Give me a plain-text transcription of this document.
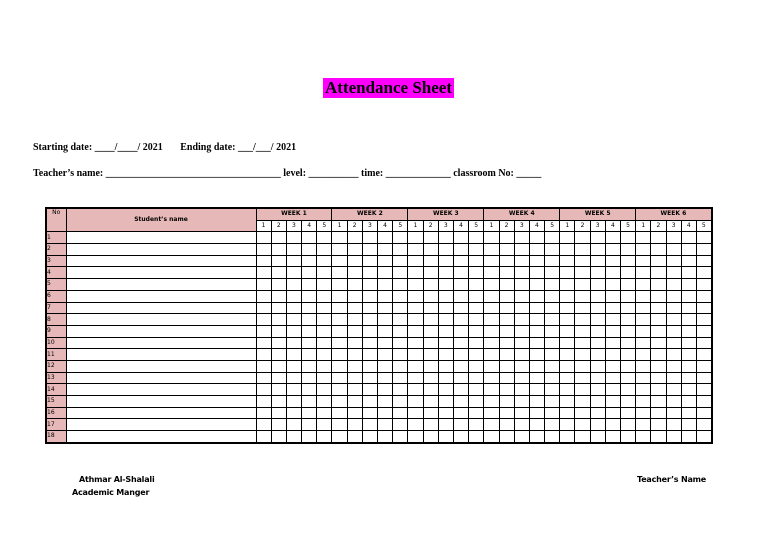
Attendance Sheet
Starting date: ____/____/ 2021       Ending date: ___/___/ 2021
Teacher’s name: ___________________________________ level: __________ time: _____________ classroom No: _____
No	Student’s name	WEEK 1					WEEK 2					WEEK 3					WEEK 4					WEEK 5					WEEK 6				
		1	2	3	4	5	1	2	3	4	5	1	2	3	4	5	1	2	3	4	5	1	2	3	4	5	1	2	3	4	5
1																															
2																															
3																															
4																															
5																															
6																															
7																															
8																															
9																															
10																															
11																															
12																															
13																															
14																															
15																															
16																															
17																															
18																															
Athmar Al-Shalali
Academic Manger
Teacher’s Name
